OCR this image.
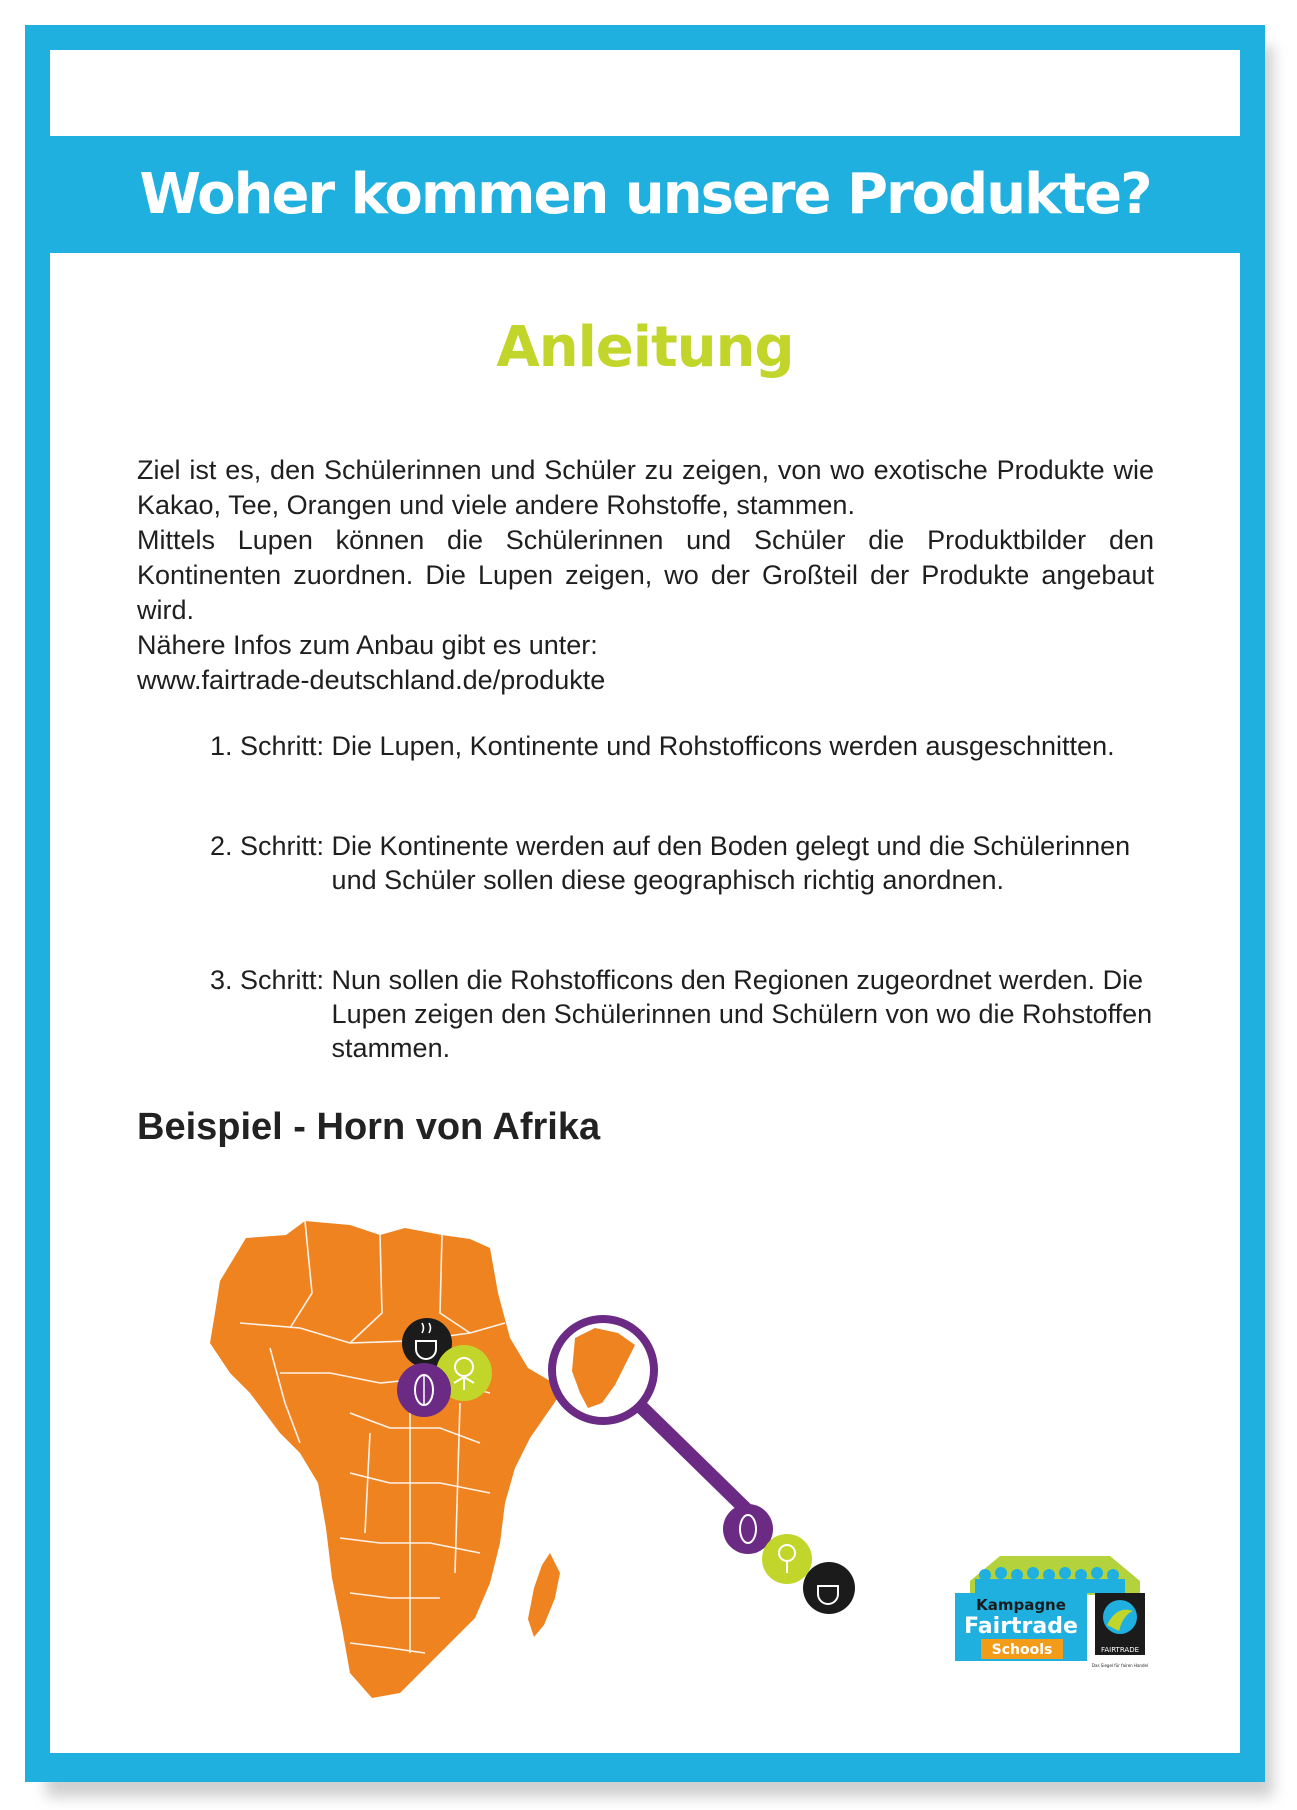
Woher kommen unsere Produkte?
Anleitung

Ziel ist es, den Schülerinnen und Schüler zu zeigen, von wo exotische Produkte wie Kakao, Tee, Orangen und viele andere Rohstoffe, stammen.

Mittels Lupen können die Schülerinnen und Schüler die Produktbilder den Kontinenten zuordnen. Die Lupen zeigen, wo der Großteil der Produkte angebaut wird.

Nähere Infos zum Anbau gibt es unter:

www.fairtrade-deutschland.de/produkte

1. Schritt: Die Lupen, Kontinente und Rohstofficons werden ausgeschnitten.
2. Schritt: Die Kontinente werden auf den Boden gelegt und die Schülerinnen und Schüler sollen diese geographisch richtig anordnen.
3. Schritt: Nun sollen die Rohstofficons den Regionen zugeordnet werden. Die Lupen zeigen den Schülerinnen und Schülern von wo die Rohstoffen stammen.
Beispiel - Horn von Afrika
Kampagne
Fairtrade
Schools	FAIRTRADE
Das Siegel für fairen Handel
